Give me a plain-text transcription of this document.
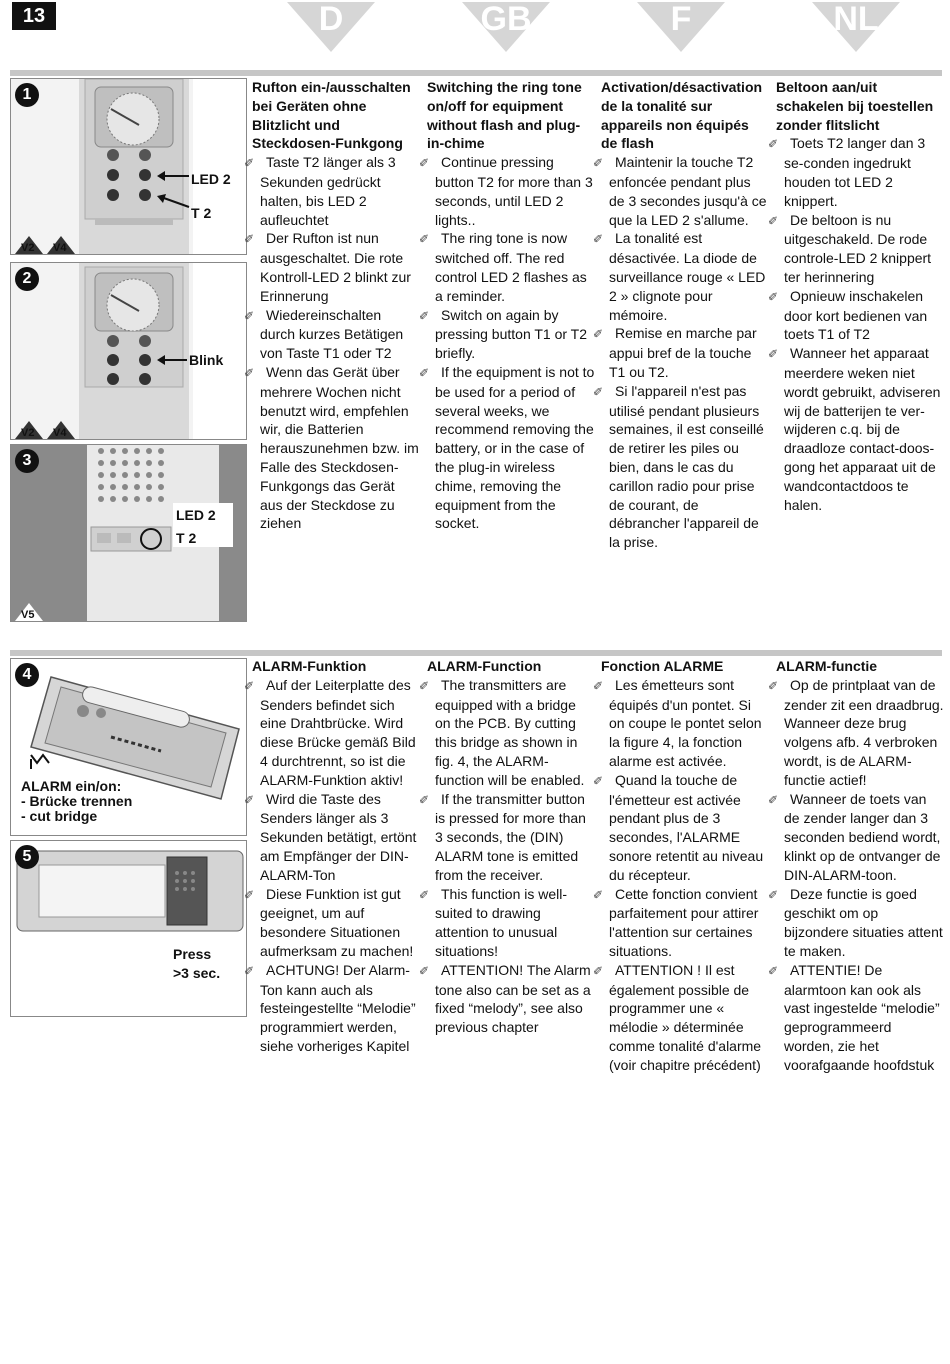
13	D	GB	F	NL
1
LED 2
T 2
V2 V4
2
Blink
V2 V4
3
LED 2
T 2
V5
Rufton ein-/ausschalten bei Geräten ohne Blitzlicht und Steckdosen-Funkgong
✐ Taste T2 länger als 3 Sekunden gedrückt halten, bis LED 2 aufleuchtet
✐ Der Rufton ist nun ausgeschaltet. Die rote Kontroll-LED 2 blinkt zur Erinnerung
✐ Wiedereinschalten durch kurzes Betätigen von Taste T1 oder T2
✐ Wenn das Gerät über mehrere Wochen nicht benutzt wird, empfehlen wir, die Batterien herauszunehmen bzw. im Falle des Steckdosen-Funkgongs das Gerät aus der Steckdose zu ziehen
Switching the ring tone on/off for equipment without flash and plug-in-chime
✐ Continue pressing button T2 for more than 3 seconds, until LED 2 lights..
✐ The ring tone is now switched off. The red control LED 2 flashes as a reminder.
✐ Switch on again by pressing button T1 or T2 briefly.
✐ If the equipment is not to be used for a period of several weeks, we recommend removing the battery, or in the case of the plug-in wireless chime, removing the equipment from the socket.
Activation/désactivation de la tonalité sur appareils non équipés de flash
✐ Maintenir la touche T2 enfoncée pendant plus de 3 secondes jusqu'à ce que la LED 2 s'allume.
✐ La tonalité est désactivée. La diode de surveillance rouge « LED 2 » clignote pour mémoire.
✐ Remise en marche par appui bref de la touche T1 ou T2.
✐ Si l'appareil n'est pas utilisé pendant plusieurs semaines, il est conseillé de retirer les piles ou bien, dans le cas du carillon radio pour prise de courant, de débrancher l'appareil de la prise.
Beltoon aan/uit schakelen bij toestellen zonder flitslicht
✐ Toets T2 langer dan 3 se-conden ingedrukt houden tot LED 2 knippert.
✐ De beltoon is nu uitgeschakeld. De rode controle-LED 2 knippert ter herinnering
✐ Opnieuw inschakelen door kort bedienen van toets T1 of T2
✐ Wanneer het apparaat meerdere weken niet wordt gebruikt, adviseren wij de batterijen te ver-wijderen c.q. bij de draadloze contact-doos-gong het apparaat uit de wandcontactdoos te halen.
4
ALARM ein/on:
- Brücke trennen
- cut bridge
5
Press
>3 sec.
ALARM-Funktion
✐ Auf der Leiterplatte des Senders befindet sich eine Drahtbrücke. Wird diese Brücke gemäß Bild 4 durchtrennt, so ist die ALARM-Funktion aktiv!
✐ Wird die Taste des Senders länger als 3 Sekunden betätigt, ertönt am Empfänger der DIN-ALARM-Ton
✐ Diese Funktion ist gut geeignet, um auf besondere Situationen aufmerksam zu machen!
✐ ACHTUNG! Der Alarm-Ton kann auch als festeingestellte “Melodie” programmiert werden, siehe vorheriges Kapitel
ALARM-Function
✐ The transmitters are equipped with a bridge on the PCB. By cutting this bridge as shown in fig. 4, the ALARM-function will be enabled.
✐ If the transmitter button is pressed for more than 3 seconds, the (DIN) ALARM tone is emitted from the receiver.
✐ This function is well-suited to drawing attention to unusual situations!
✐ ATTENTION! The Alarm tone also can be set as a fixed “melody”, see also previous chapter
Fonction ALARME
✐ Les émetteurs sont équipés d'un pontet. Si on coupe le pontet selon la figure 4, la fonction alarme est activée.
✐ Quand la touche de l'émetteur est activée pendant plus de 3 secondes, l'ALARME sonore retentit au niveau du récepteur.
✐ Cette fonction convient parfaitement pour attirer l'attention sur certaines situations.
✐ ATTENTION ! Il est également possible de programmer une « mélodie » déterminée comme tonalité d'alarme (voir chapitre précédent)
ALARM-functie
✐ Op de printplaat van de zender zit een draadbrug. Wanneer deze brug volgens afb. 4 verbroken wordt, is de ALARM-functie actief!
✐ Wanneer de toets van de zender langer dan 3 seconden bediend wordt, klinkt op de ontvanger de DIN-ALARM-toon.
✐ Deze functie is goed geschikt om op bijzondere situaties attent te maken.
✐ ATTENTIE! De alarmtoon kan ook als vast ingestelde “melodie” geprogrammeerd worden, zie het voorafgaande hoofdstuk
